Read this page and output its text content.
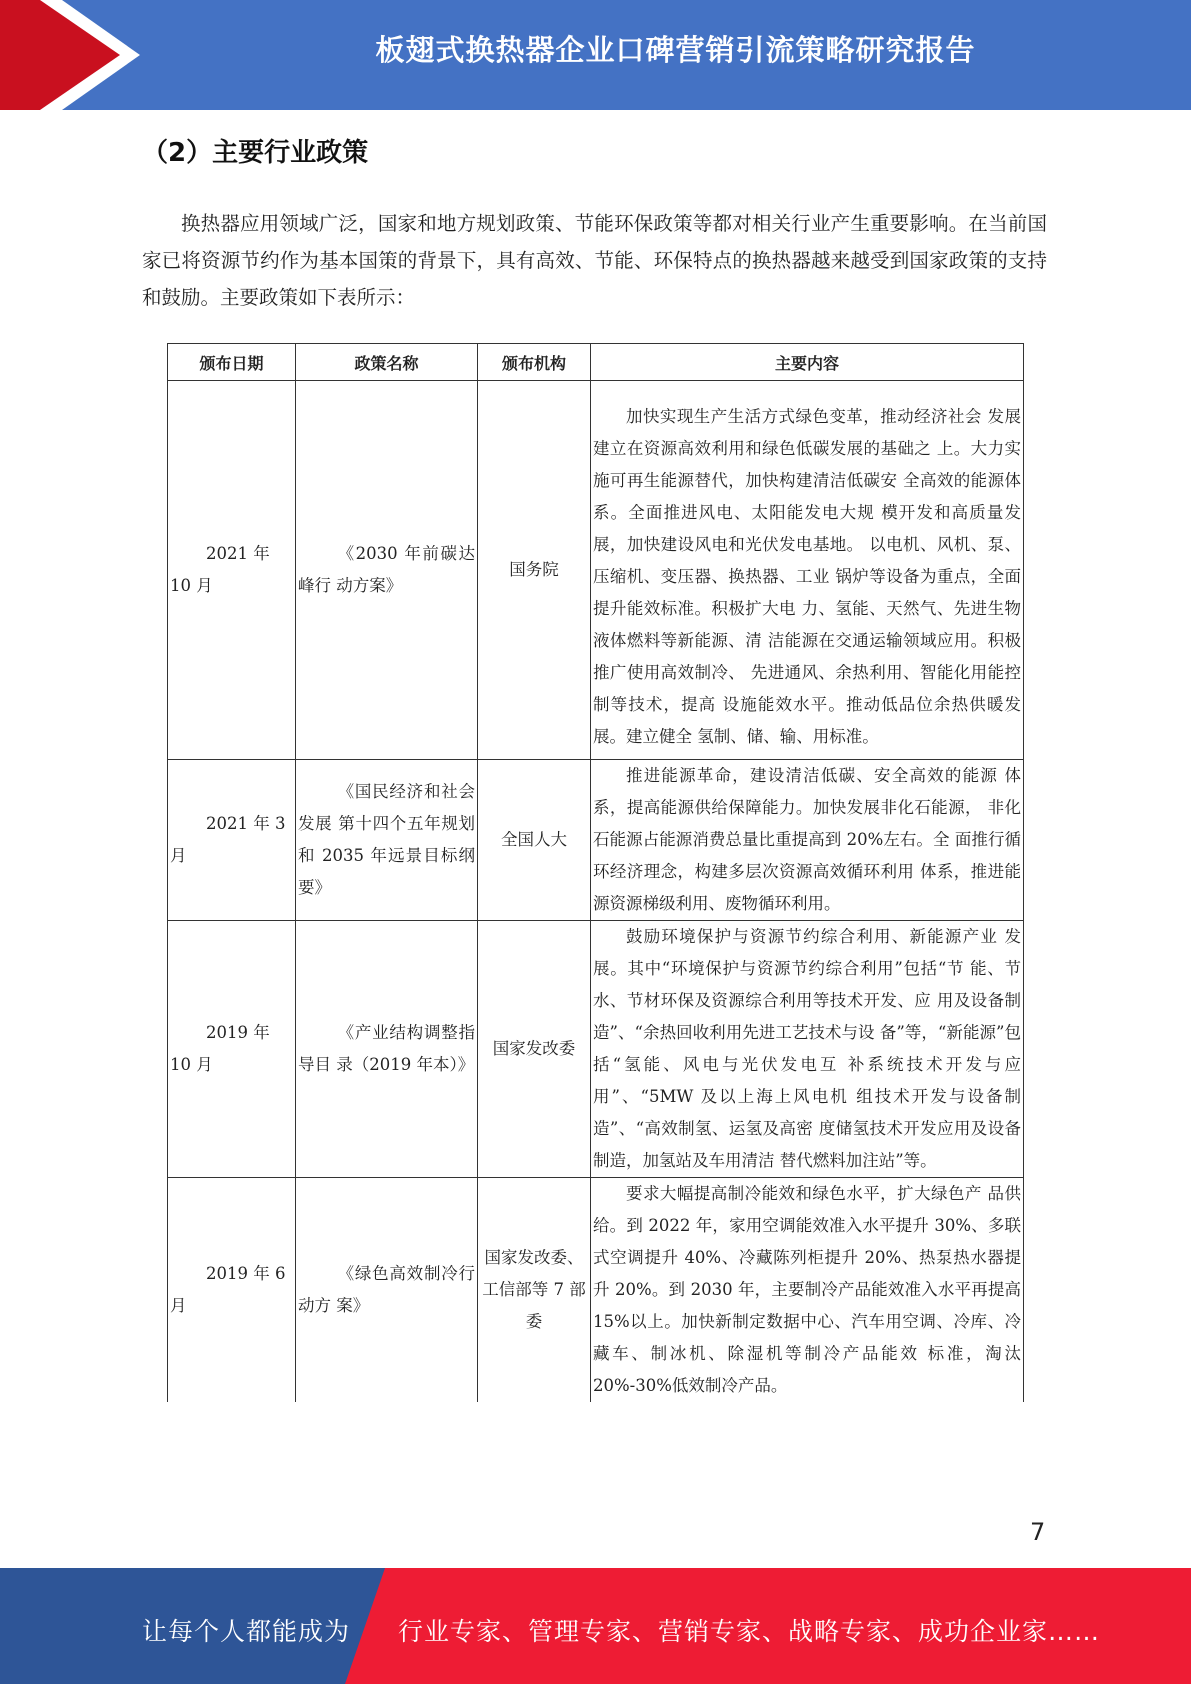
板翅式换热器企业口碑营销引流策略研究报告
（2）主要行业政策
换热器应用领域广泛，国家和地方规划政策、节能环保政策等都对相关行业产生重要影响。在当前国家已将资源节约作为基本国策的背景下，具有高效、节能、环保特点的换热器越来越受到国家政策的支持和鼓励。主要政策如下表所示：
颁布日期	政策名称	颁布机构	主要内容

2021 年 10 月	《2030 年前碳达峰行 动方案》	国务院	加快实现生产生活方式绿色变革，推动经济社会 发展建立在资源高效利用和绿色低碳发展的基础之 上。大力实施可再生能源替代，加快构建清洁低碳安 全高效的能源体系。全面推进风电、太阳能发电大规 模开发和高质量发展，加快建设风电和光伏发电基地。 以电机、风机、泵、压缩机、变压器、换热器、工业 锅炉等设备为重点，全面提升能效标准。积极扩大电 力、氢能、天然气、先进生物液体燃料等新能源、清 洁能源在交通运输领域应用。积极推广使用高效制冷、 先进通风、余热利用、智能化用能控制等技术，提高 设施能效水平。推动低品位余热供暖发展。建立健全 氢制、储、输、用标准。

2021 年 3 月	《国民经济和社会发展 第十四个五年规划和 2035 年远景目标纲要》	全国人大	推进能源革命，建设清洁低碳、安全高效的能源 体系，提高能源供给保障能力。加快发展非化石能源， 非化石能源占能源消费总量比重提高到 20%左右。全 面推行循环经济理念，构建多层次资源高效循环利用 体系，推进能源资源梯级利用、废物循环利用。

2019 年 10 月	《产业结构调整指导目 录（2019 年本）》	国家发改委	鼓励环境保护与资源节约综合利用、新能源产业 发展。其中“环境保护与资源节约综合利用”包括“节 能、节水、节材环保及资源综合利用等技术开发、应 用及设备制造”、“余热回收利用先进工艺技术与设 备”等，“新能源”包括“氢能、风电与光伏发电互 补系统技术开发与应用”、“5MW 及以上海上风电机 组技术开发与设备制造”、“高效制氢、运氢及高密 度储氢技术开发应用及设备制造，加氢站及车用清洁 替代燃料加注站”等。

2019 年 6 月	《绿色高效制冷行动方 案》	国家发改委、 工信部等 7 部 委	要求大幅提高制冷能效和绿色水平，扩大绿色产 品供给。到 2022 年，家用空调能效准入水平提升 30%、多联式空调提升 40%、冷藏陈列柜提升 20%、热泵热水器提升 20%。到 2030 年，主要制冷产品能效准入水平再提高 15%以上。加快新制定数据中心、汽车用空调、冷库、冷藏车、制冰机、除湿机等制冷产品能效 标准，淘汰 20%-30%低效制冷产品。
7
让每个人都能成为 行业专家、管理专家、营销专家、战略专家、成功企业家……
